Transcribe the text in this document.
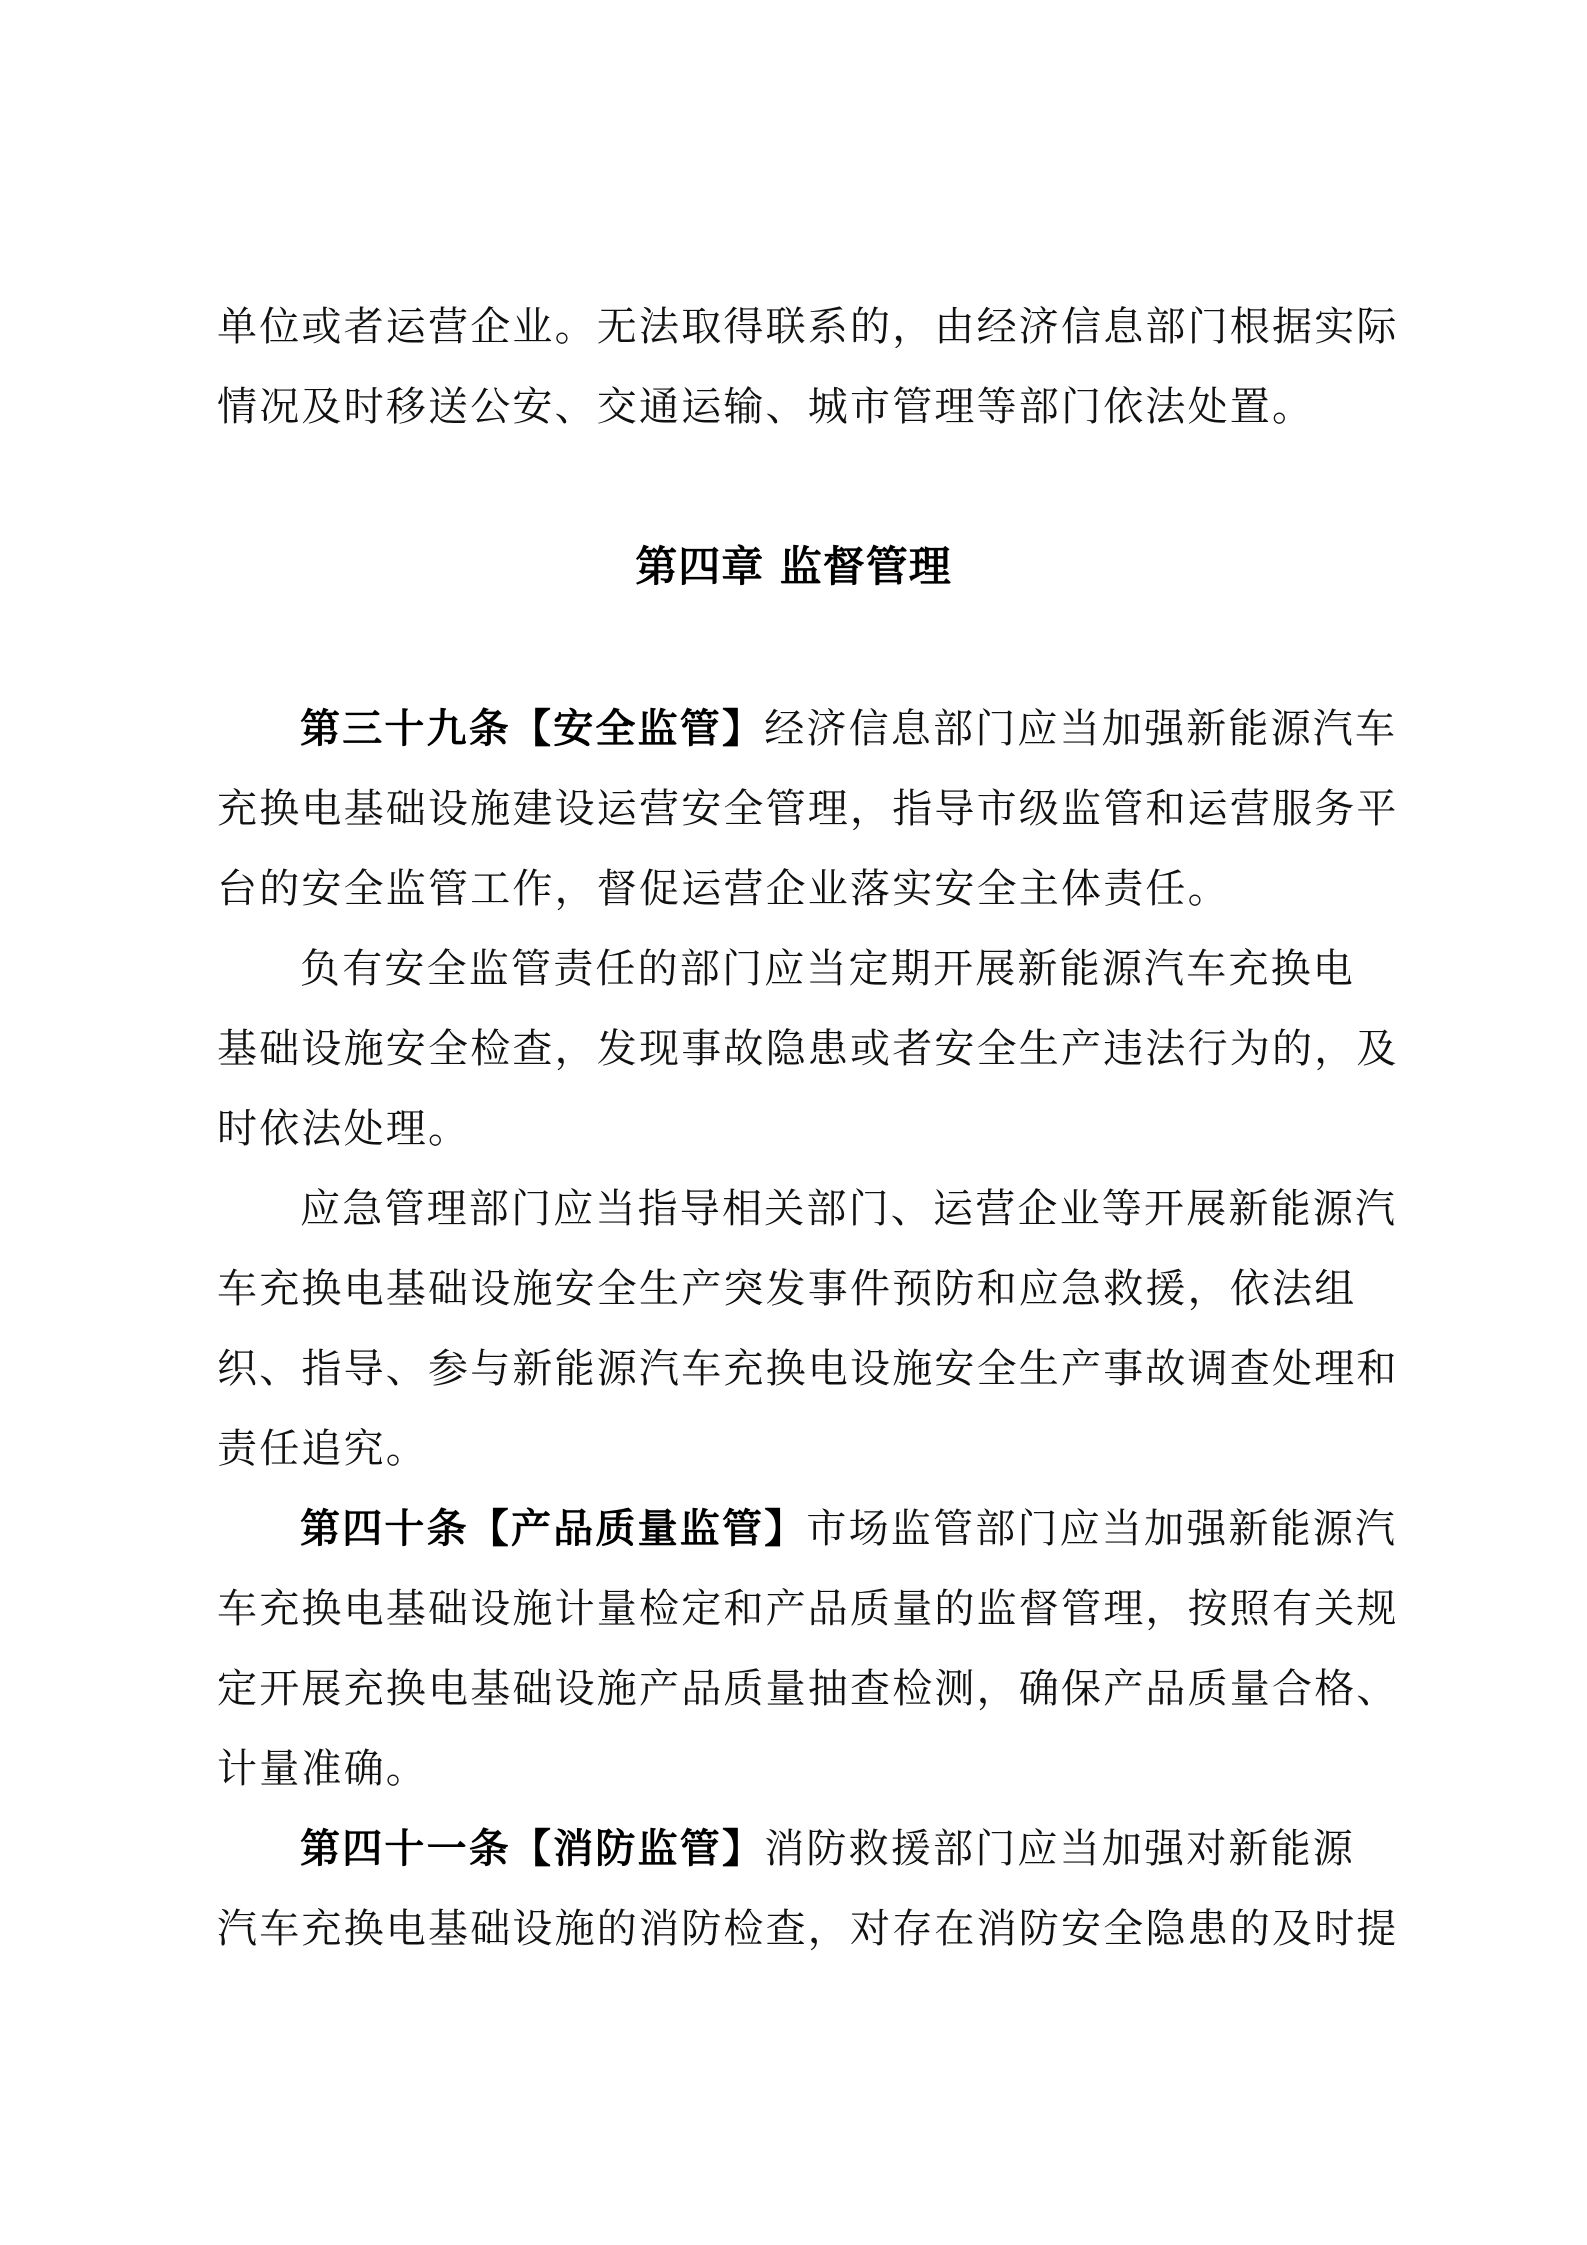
单位或者运营企业。无法取得联系的，由经济信息部门根据实际
情况及时移送公安、交通运输、城市管理等部门依法处置。
第四章 监督管理
第三十九条【安全监管】经济信息部门应当加强新能源汽车
充换电基础设施建设运营安全管理，指导市级监管和运营服务平
台的安全监管工作，督促运营企业落实安全主体责任。
负有安全监管责任的部门应当定期开展新能源汽车充换电
基础设施安全检查，发现事故隐患或者安全生产违法行为的，及
时依法处理。
应急管理部门应当指导相关部门、运营企业等开展新能源汽
车充换电基础设施安全生产突发事件预防和应急救援，依法组
织、指导、参与新能源汽车充换电设施安全生产事故调查处理和
责任追究。
第四十条【产品质量监管】市场监管部门应当加强新能源汽
车充换电基础设施计量检定和产品质量的监督管理，按照有关规
定开展充换电基础设施产品质量抽查检测，确保产品质量合格、
计量准确。
第四十一条【消防监管】消防救援部门应当加强对新能源
汽车充换电基础设施的消防检查，对存在消防安全隐患的及时提
